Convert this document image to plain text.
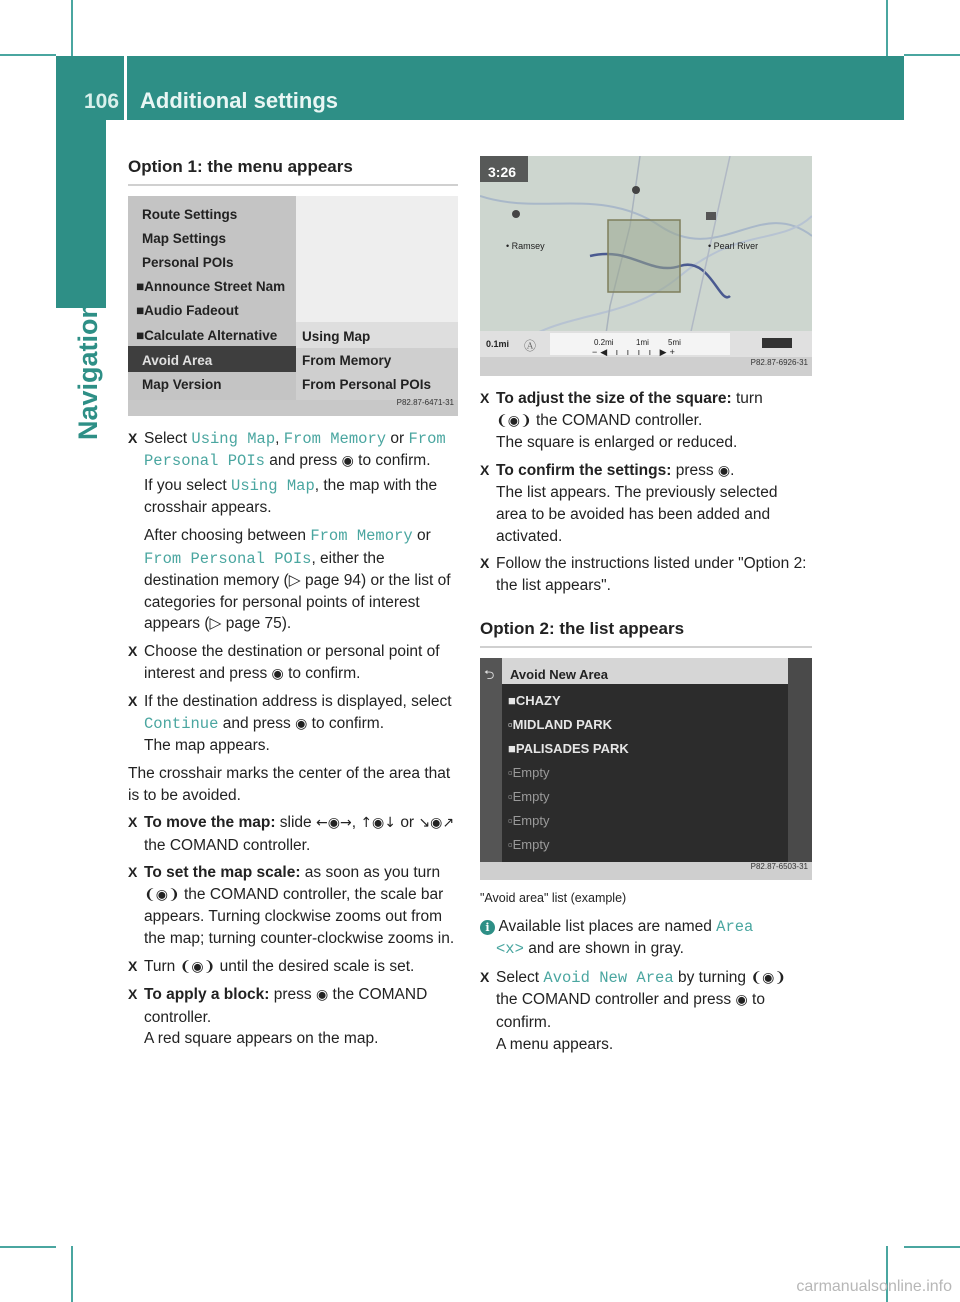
106 Additional settings
Navigation
Option 1: the menu appears
Route Settings
Map Settings
Personal POIs
■Announce Street Nam
■Audio Fadeout
■Calculate Alternative
Avoid Area
Map Version
Using Map
From Memory
From Personal POIs
P82.87-6471-31
X Select Using Map, From Memory or From Personal POIs and press ◉ to confirm.
If you select Using Map, the map with the crosshair appears.
After choosing between From Memory or From Personal POIs, either the destination memory (▷ page 94) or the list of categories for personal points of interest appears (▷ page 75).
X Choose the destination or personal point of interest and press ◉ to confirm.
X If the destination address is displayed, select Continue and press ◉ to confirm.
The map appears.
The crosshair marks the center of the area that is to be avoided.
X To move the map: slide ←◉→, ↑◉↓ or ↘◉↗ the COMAND controller.
X To set the map scale: as soon as you turn ❨◉❩ the COMAND controller, the scale bar appears. Turning clockwise zooms out from the map; turning counter-clockwise zooms in.
X Turn ❨◉❩ until the desired scale is set.
X To apply a block: press ◉ the COMAND controller.
A red square appears on the map.
3:26
• Ramsey	• Pearl River
0.1mi Ⓐ	0.2mi	1mi 5mi
−◀ ı ı ı ı ▶+
P82.87-6926-31
X To adjust the size of the square: turn
❨◉❩ the COMAND controller.
The square is enlarged or reduced.
X To confirm the settings: press ◉.
The list appears. The previously selected area to be avoided has been added and activated.
X Follow the instructions listed under "Option 2: the list appears".
Option 2: the list appears
⮌ Avoid New Area
■CHAZY
▫MIDLAND PARK
■PALISADES PARK
▫Empty
▫Empty
▫Empty
▫Empty
P82.87-6503-31
"Avoid area" list (example)
i Available list places are named Area
<x> and are shown in gray.
X Select Avoid New Area by turning ❨◉❩
the COMAND controller and press ◉ to confirm.
A menu appears.
carmanualsonline.info
